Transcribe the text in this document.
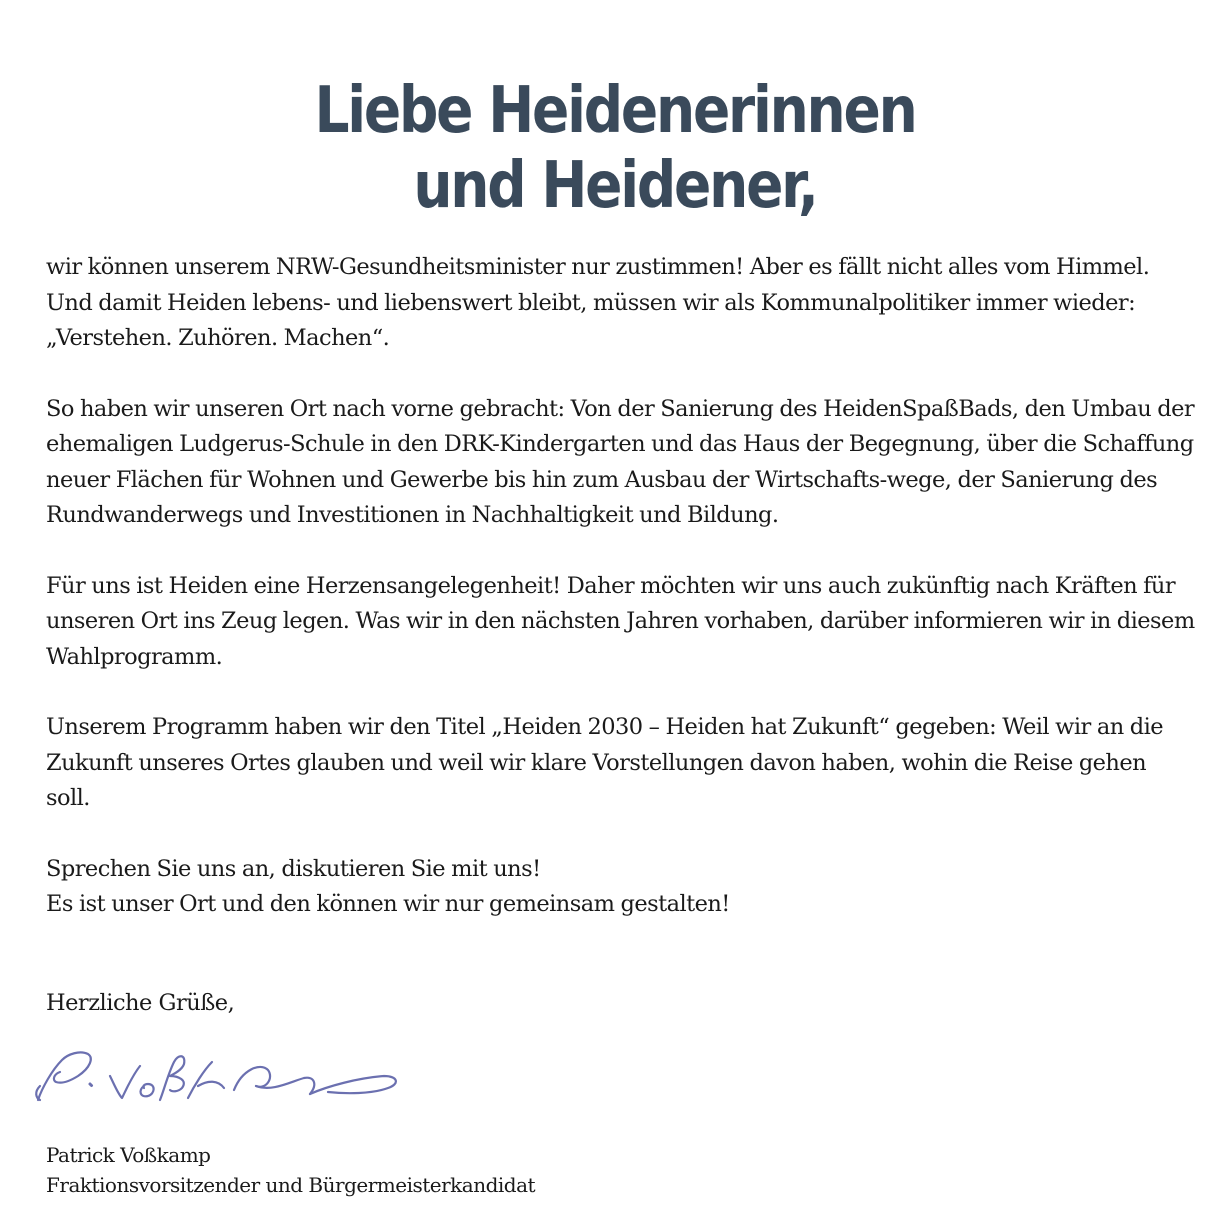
Liebe Heidenerinnen
und Heidener,

wir können unserem NRW-Gesundheitsminister nur zustimmen! Aber es fällt nicht alles vom Himmel. Und damit Heiden lebens- und liebenswert bleibt, müssen wir als Kommunalpolitiker immer wieder: „Verstehen. Zuhören. Machen“.

So haben wir unseren Ort nach vorne gebracht: Von der Sanierung des HeidenSpaßBads, den Umbau der ehemaligen Ludgerus-Schule in den DRK-Kindergarten und das Haus der Begegnung, über die Schaffung neuer Flächen für Wohnen und Gewerbe bis hin zum Ausbau der Wirtschafts-wege, der Sanierung des Rundwanderwegs und Investitionen in Nachhaltigkeit und Bildung.

Für uns ist Heiden eine Herzensangelegenheit! Daher möchten wir uns auch zukünftig nach Kräften für unseren Ort ins Zeug legen. Was wir in den nächsten Jahren vorhaben, darüber informieren wir in diesem Wahlprogramm.

Unserem Programm haben wir den Titel „Heiden 2030 – Heiden hat Zukunft“ gegeben: Weil wir an die Zukunft unseres Ortes glauben und weil wir klare Vorstellungen davon haben, wohin die Reise gehen soll.

Sprechen Sie uns an, diskutieren Sie mit uns!
Es ist unser Ort und den können wir nur gemeinsam gestalten!

Herzliche Grüße,
Patrick Voßkamp
Fraktionsvorsitzender und Bürgermeisterkandidat
